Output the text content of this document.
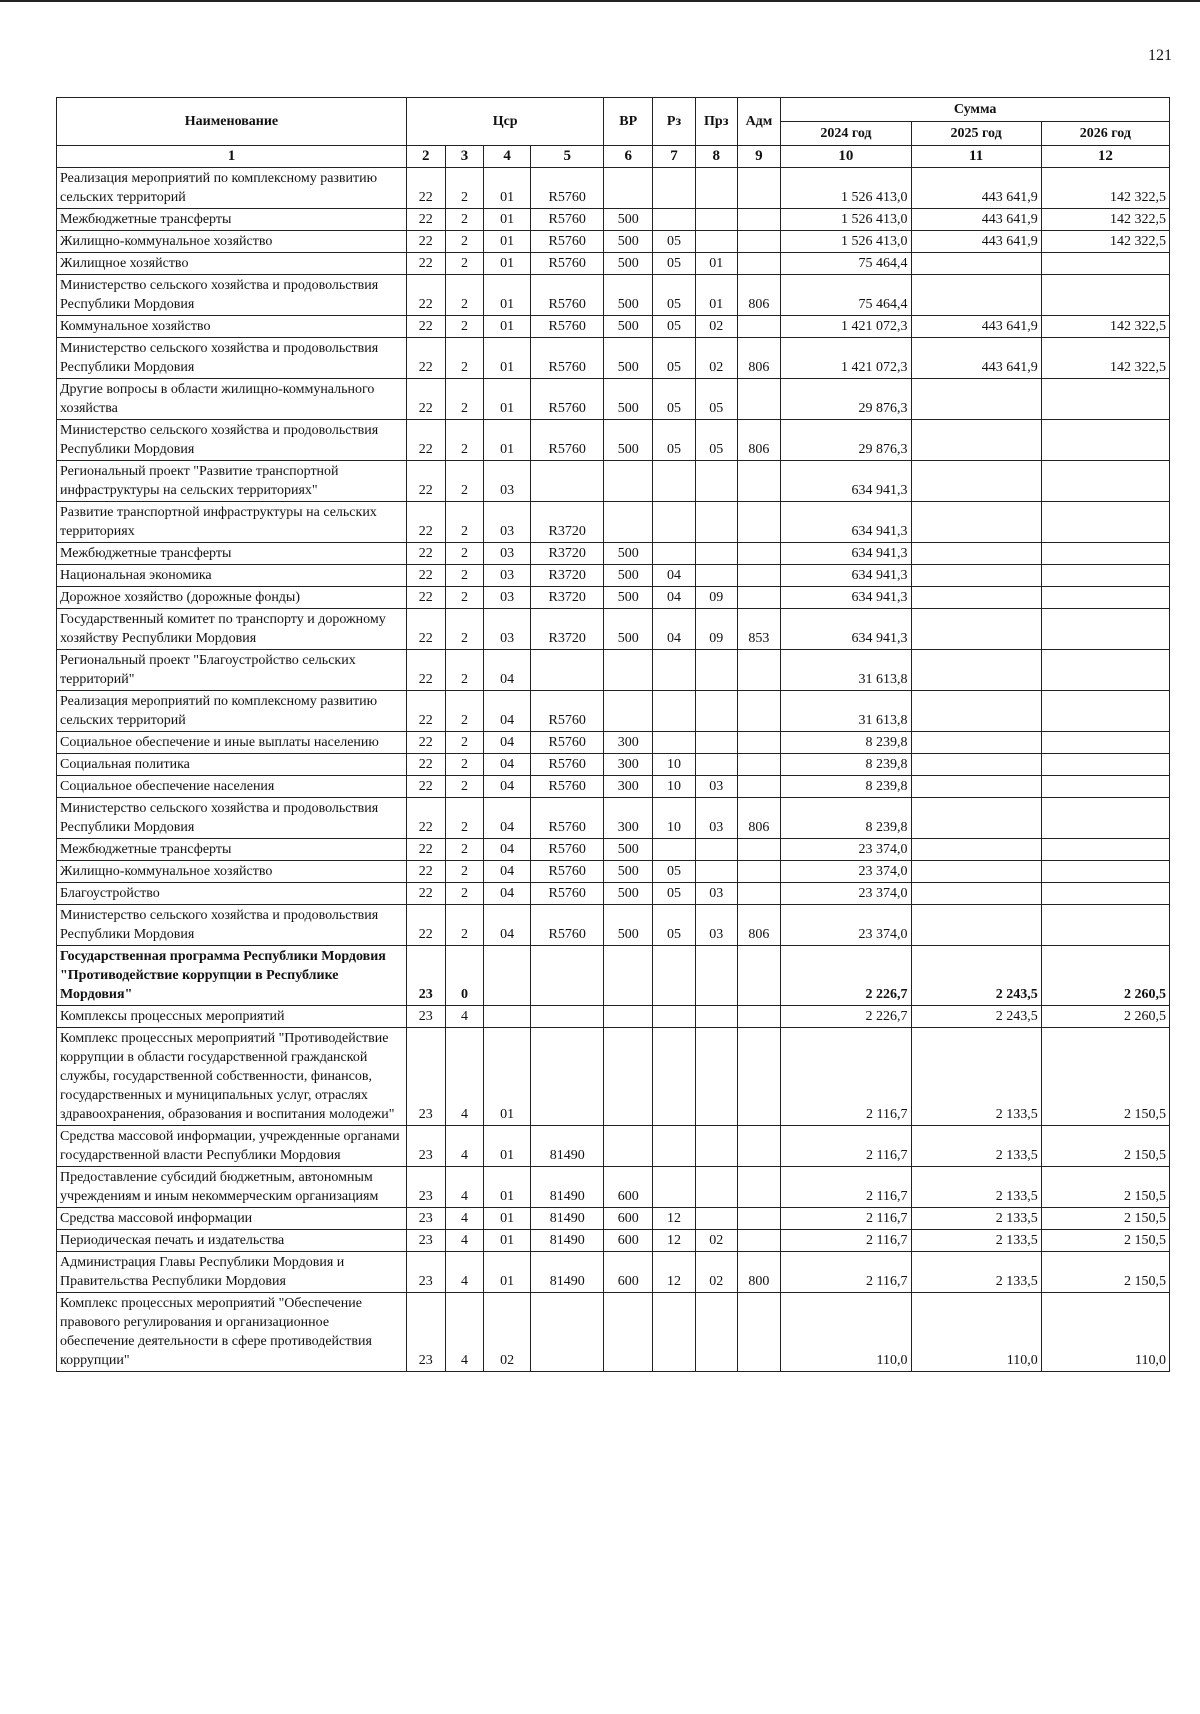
121
Наименование	Цср				ВР	Рз	Прз	Адм	Сумма		
									2024 год	2025 год	2026 год
1	2	3	4	5	6	7	8	9	10	11	12
Реализация мероприятий по комплексному развитию сельских территорий	22	2	01	R5760					1 526 413,0	443 641,9	142 322,5
Межбюджетные трансферты	22	2	01	R5760	500				1 526 413,0	443 641,9	142 322,5
Жилищно-коммунальное хозяйство	22	2	01	R5760	500	05			1 526 413,0	443 641,9	142 322,5
Жилищное хозяйство	22	2	01	R5760	500	05	01		75 464,4		
Министерство сельского хозяйства и продовольствия Республики Мордовия	22	2	01	R5760	500	05	01	806	75 464,4		
Коммунальное хозяйство	22	2	01	R5760	500	05	02		1 421 072,3	443 641,9	142 322,5
Министерство сельского хозяйства и продовольствия Республики Мордовия	22	2	01	R5760	500	05	02	806	1 421 072,3	443 641,9	142 322,5
Другие вопросы в области жилищно-коммунального хозяйства	22	2	01	R5760	500	05	05		29 876,3		
Министерство сельского хозяйства и продовольствия Республики Мордовия	22	2	01	R5760	500	05	05	806	29 876,3		
Региональный проект "Развитие транспортной инфраструктуры на сельских территориях"	22	2	03						634 941,3		
Развитие транспортной инфраструктуры на сельских территориях	22	2	03	R3720					634 941,3		
Межбюджетные трансферты	22	2	03	R3720	500				634 941,3		
Национальная экономика	22	2	03	R3720	500	04			634 941,3		
Дорожное хозяйство (дорожные фонды)	22	2	03	R3720	500	04	09		634 941,3		
Государственный комитет по транспорту и дорожному хозяйству Республики Мордовия	22	2	03	R3720	500	04	09	853	634 941,3		
Региональный проект "Благоустройство сельских территорий"	22	2	04						31 613,8		
Реализация мероприятий по комплексному развитию сельских территорий	22	2	04	R5760					31 613,8		
Социальное обеспечение и иные выплаты населению	22	2	04	R5760	300				8 239,8		
Социальная политика	22	2	04	R5760	300	10			8 239,8		
Социальное обеспечение населения	22	2	04	R5760	300	10	03		8 239,8		
Министерство сельского хозяйства и продовольствия Республики Мордовия	22	2	04	R5760	300	10	03	806	8 239,8		
Межбюджетные трансферты	22	2	04	R5760	500				23 374,0		
Жилищно-коммунальное хозяйство	22	2	04	R5760	500	05			23 374,0		
Благоустройство	22	2	04	R5760	500	05	03		23 374,0		
Министерство сельского хозяйства и продовольствия Республики Мордовия	22	2	04	R5760	500	05	03	806	23 374,0		
Государственная программа Республики Мордовия "Противодействие коррупции в Республике Мордовия"	23	0							2 226,7	2 243,5	2 260,5
Комплексы процессных мероприятий	23	4							2 226,7	2 243,5	2 260,5
Комплекс процессных мероприятий "Противодействие коррупции в области государственной гражданской службы, государственной собственности, финансов, государственных и муниципальных услуг, отраслях здравоохранения, образования и воспитания молодежи"	23	4	01						2 116,7	2 133,5	2 150,5
Средства массовой информации, учрежденные органами государственной власти Республики Мордовия	23	4	01	81490					2 116,7	2 133,5	2 150,5
Предоставление субсидий бюджетным, автономным учреждениям и иным некоммерческим организациям	23	4	01	81490	600				2 116,7	2 133,5	2 150,5
Средства массовой информации	23	4	01	81490	600	12			2 116,7	2 133,5	2 150,5
Периодическая печать и издательства	23	4	01	81490	600	12	02		2 116,7	2 133,5	2 150,5
Администрация Главы Республики Мордовия и Правительства Республики Мордовия	23	4	01	81490	600	12	02	800	2 116,7	2 133,5	2 150,5
Комплекс процессных мероприятий "Обеспечение правового регулирования и организационное обеспечение деятельности в сфере противодействия коррупции"	23	4	02						110,0	110,0	110,0
